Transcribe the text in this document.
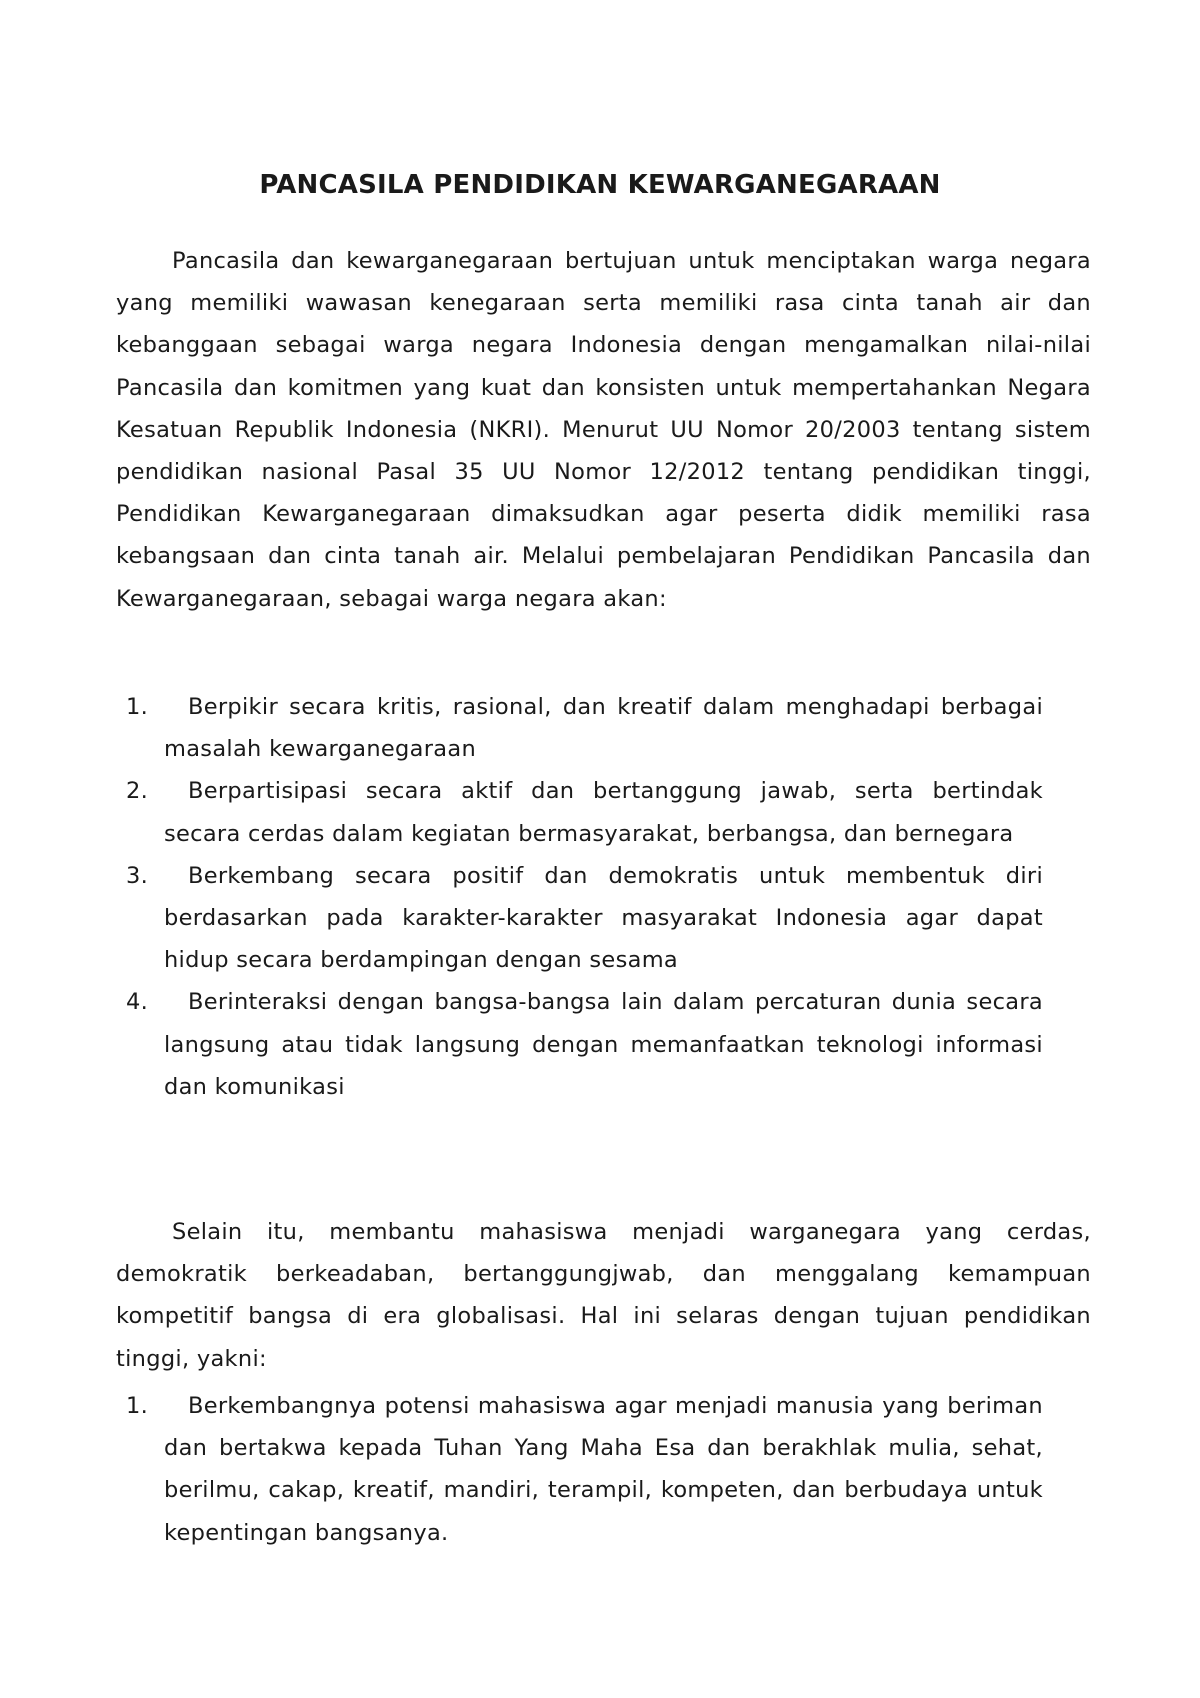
PANCASILA PENDIDIKAN KEWARGANEGARAAN

Pancasila dan kewarganegaraan bertujuan untuk menciptakan warga negara yang memiliki wawasan kenegaraan serta memiliki rasa cinta tanah air dan kebanggaan sebagai warga negara Indonesia dengan mengamalkan nilai-nilai Pancasila dan komitmen yang kuat dan konsisten untuk mempertahankan Negara Kesatuan Republik Indonesia (NKRI). Menurut UU Nomor 20/2003 tentang sistem pendidikan nasional Pasal 35 UU Nomor 12/2012 tentang pendidikan tinggi, Pendidikan Kewarganegaraan dimaksudkan agar peserta didik memiliki rasa kebangsaan dan cinta tanah air. Melalui pembelajaran Pendidikan Pancasila dan Kewarganegaraan, sebagai warga negara akan:

1. Berpikir secara kritis, rasional, dan kreatif dalam menghadapi berbagai masalah kewarganegaraan
2. Berpartisipasi secara aktif dan bertanggung jawab, serta bertindak secara cerdas dalam kegiatan bermasyarakat, berbangsa, dan bernegara
3. Berkembang secara positif dan demokratis untuk membentuk diri berdasarkan pada karakter-karakter masyarakat Indonesia agar dapat hidup secara berdampingan dengan sesama
4. Berinteraksi dengan bangsa-bangsa lain dalam percaturan dunia secara langsung atau tidak langsung dengan memanfaatkan teknologi informasi dan komunikasi

Selain itu, membantu mahasiswa menjadi warganegara yang cerdas, demokratik berkeadaban, bertanggungjwab, dan menggalang kemampuan kompetitif bangsa di era globalisasi. Hal ini selaras dengan tujuan pendidikan tinggi, yakni:

1. Berkembangnya potensi mahasiswa agar menjadi manusia yang beriman dan bertakwa kepada Tuhan Yang Maha Esa dan berakhlak mulia, sehat, berilmu, cakap, kreatif, mandiri, terampil, kompeten, dan berbudaya untuk kepentingan bangsanya.
